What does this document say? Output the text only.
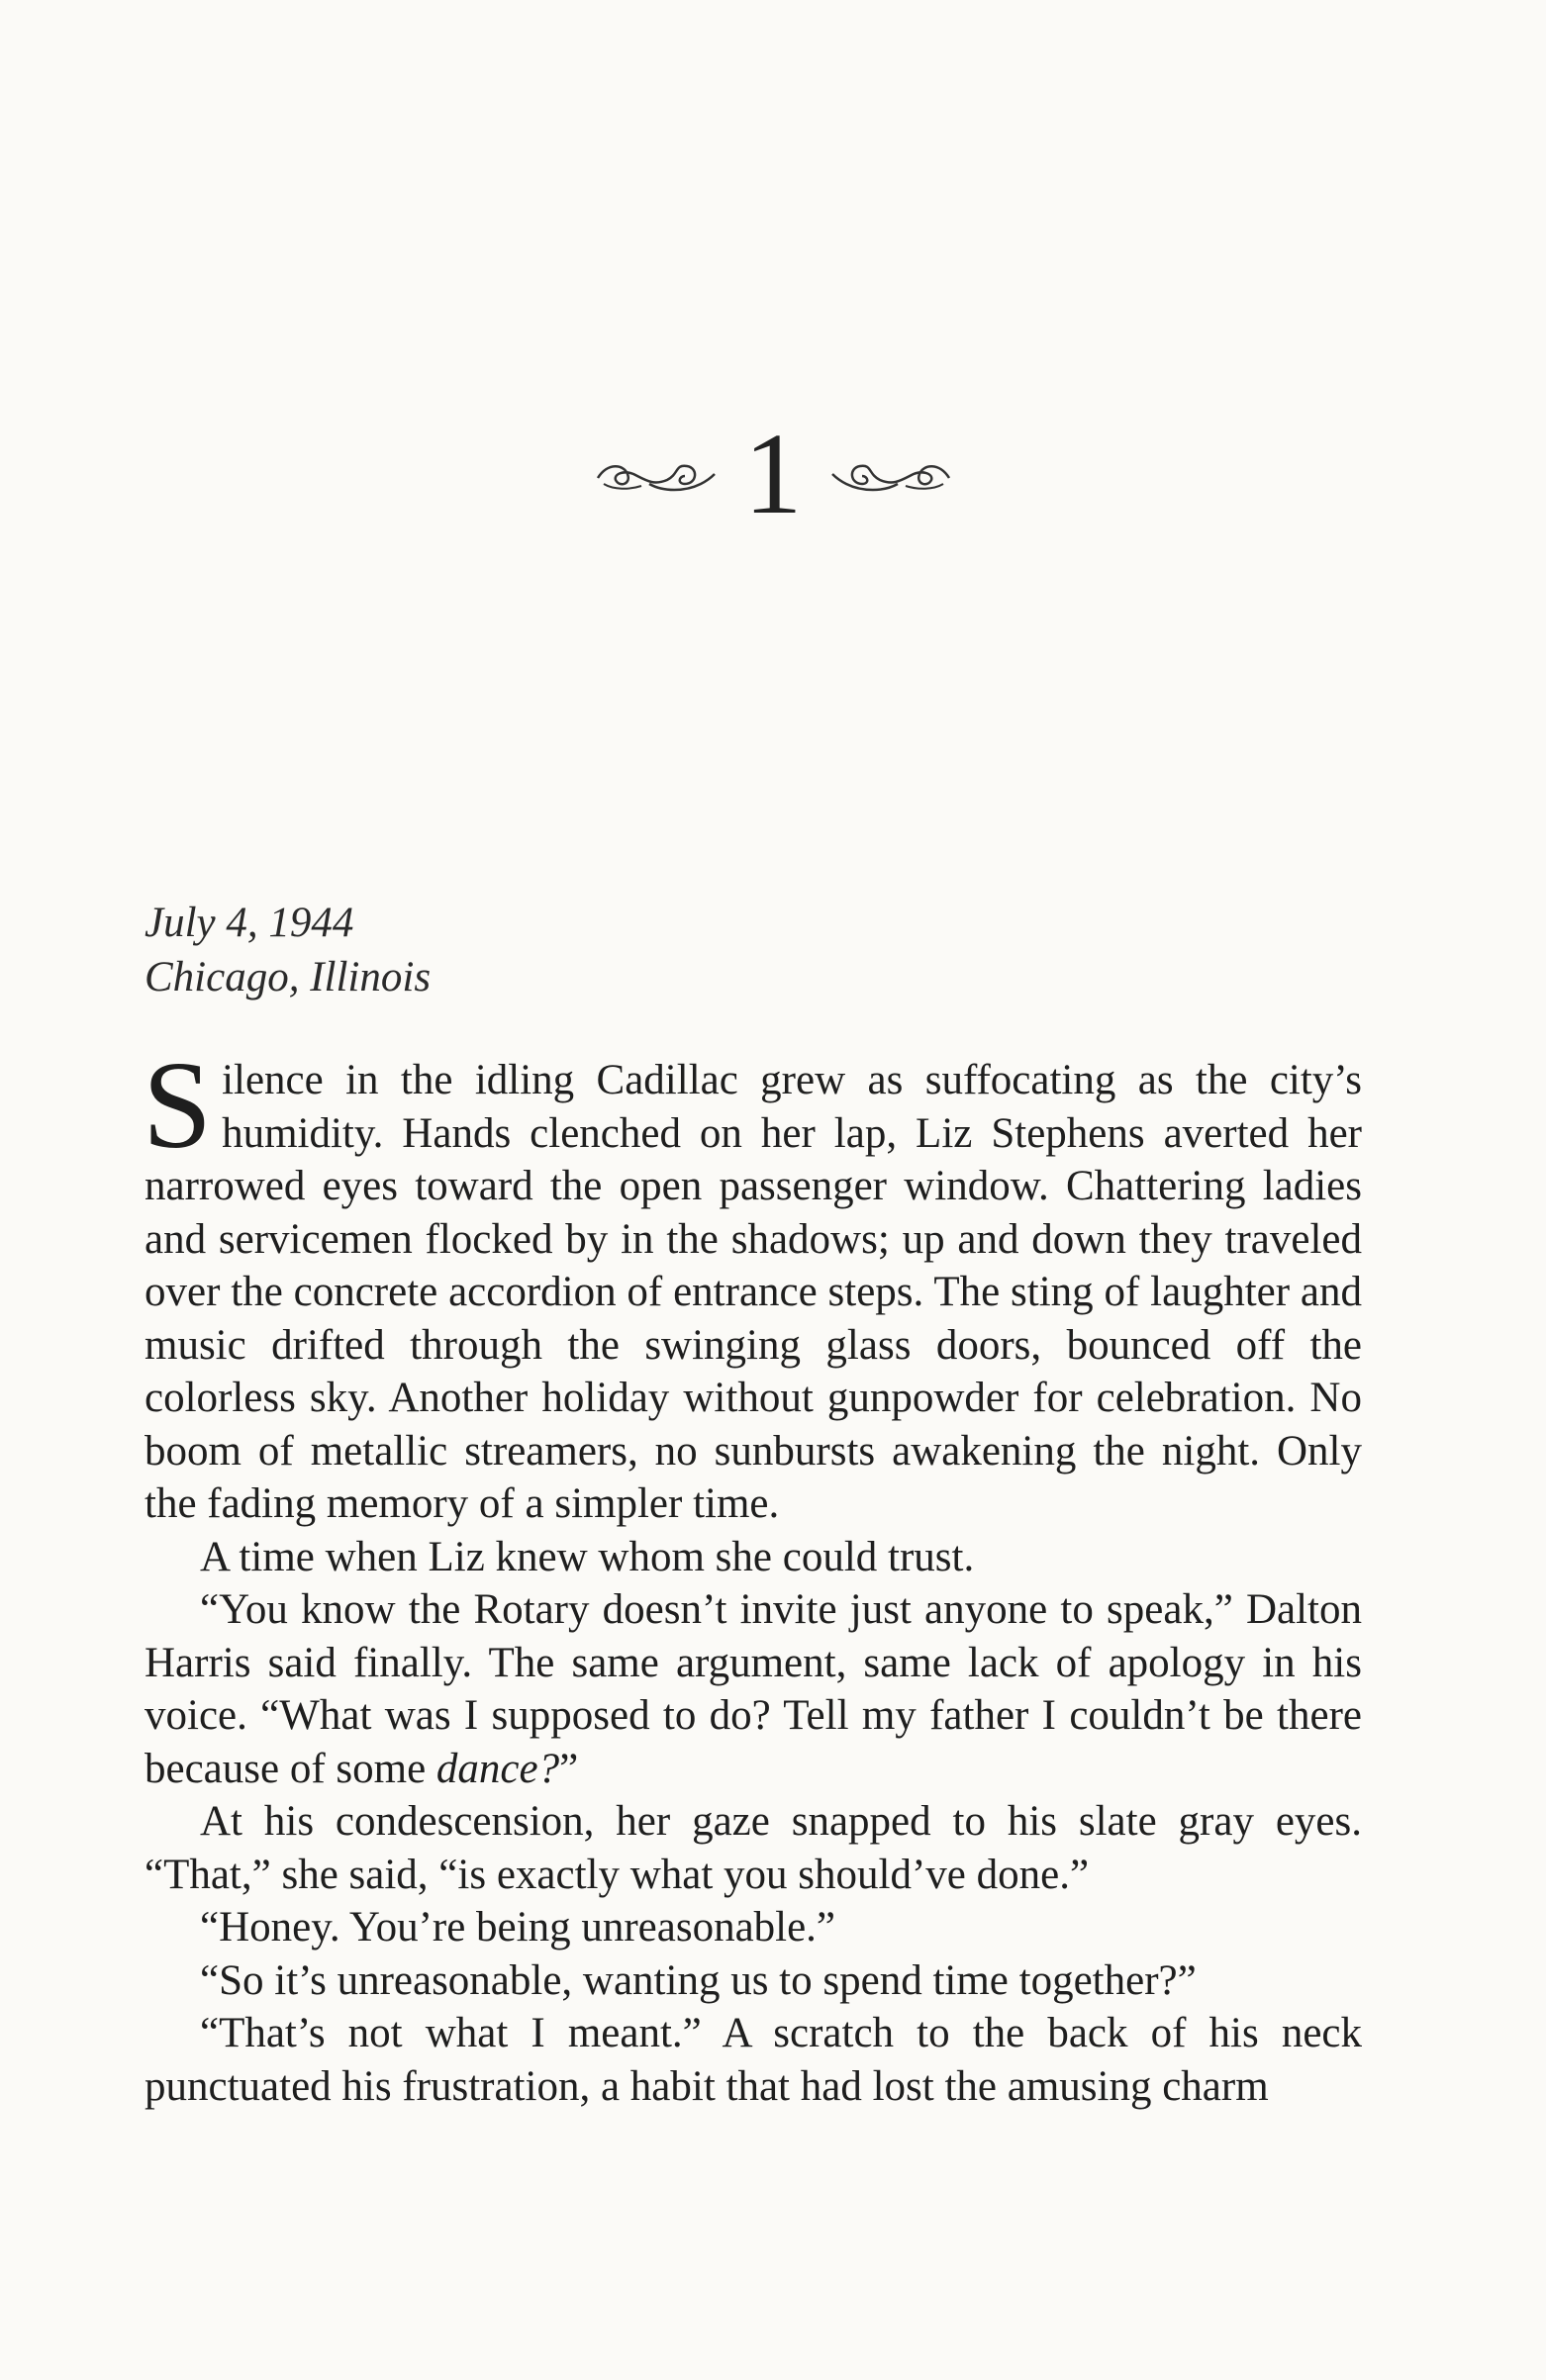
1
July 4, 1944
Chicago, Illinois

Silence in the idling Cadillac grew as suffocating as the city’s humidity. Hands clenched on her lap, Liz Stephens averted her narrowed eyes toward the open passenger window. Chattering ladies and servicemen flocked by in the shadows; up and down they traveled over the concrete accordion of entrance steps. The sting of laughter and music drifted through the swinging glass doors, bounced off the colorless sky. Another holiday without gunpowder for celebration. No boom of metallic streamers, no sunbursts awakening the night. Only the fading memory of a simpler time.

A time when Liz knew whom she could trust.

“You know the Rotary doesn’t invite just anyone to speak,” Dalton Harris said finally. The same argument, same lack of apology in his voice. “What was I supposed to do? Tell my father I couldn’t be there because of some dance?”

At his condescension, her gaze snapped to his slate gray eyes. “That,” she said, “is exactly what you should’ve done.”

“Honey. You’re being unreasonable.”

“So it’s unreasonable, wanting us to spend time together?”

“That’s not what I meant.” A scratch to the back of his neck punctuated his frustration, a habit that had lost the amusing charm
